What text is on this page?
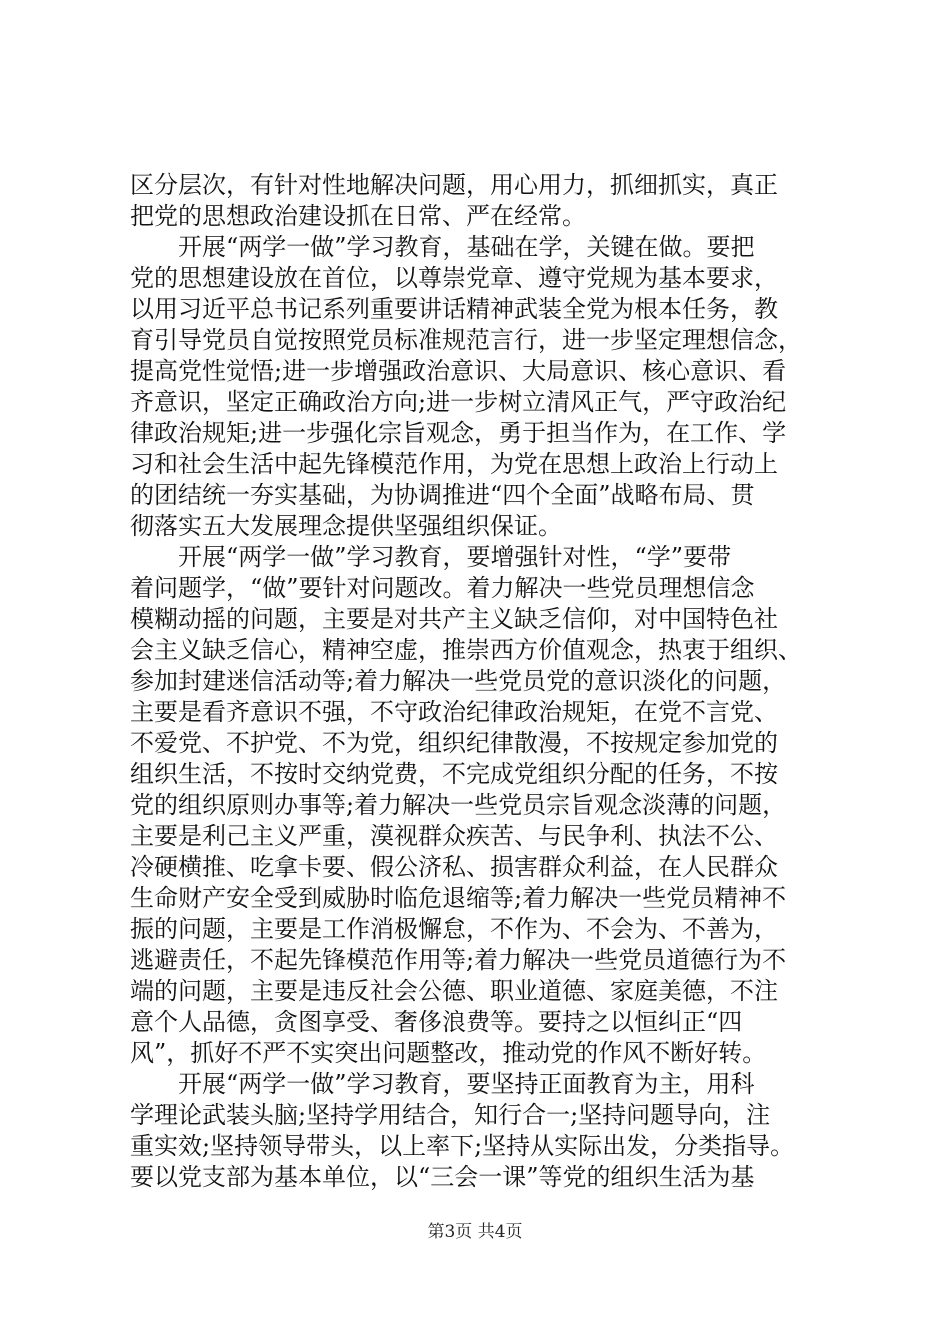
区分层次，有针对性地解决问题，用心用力，抓细抓实，真正
把党的思想政治建设抓在日常、严在经常。
　　开展“两学一做”学习教育，基础在学，关键在做。要把
党的思想建设放在首位，以尊崇党章、遵守党规为基本要求，
以用习近平总书记系列重要讲话精神武装全党为根本任务，教
育引导党员自觉按照党员标准规范言行，进一步坚定理想信念，
提高党性觉悟;进一步增强政治意识、大局意识、核心意识、看
齐意识，坚定正确政治方向;进一步树立清风正气，严守政治纪
律政治规矩;进一步强化宗旨观念，勇于担当作为，在工作、学
习和社会生活中起先锋模范作用，为党在思想上政治上行动上
的团结统一夯实基础，为协调推进“四个全面”战略布局、贯
彻落实五大发展理念提供坚强组织保证。
　　开展“两学一做”学习教育，要增强针对性，“学”要带
着问题学，“做”要针对问题改。着力解决一些党员理想信念
模糊动摇的问题，主要是对共产主义缺乏信仰，对中国特色社
会主义缺乏信心，精神空虚，推崇西方价值观念，热衷于组织、
参加封建迷信活动等;着力解决一些党员党的意识淡化的问题，
主要是看齐意识不强，不守政治纪律政治规矩，在党不言党、
不爱党、不护党、不为党，组织纪律散漫，不按规定参加党的
组织生活，不按时交纳党费，不完成党组织分配的任务，不按
党的组织原则办事等;着力解决一些党员宗旨观念淡薄的问题，
主要是利己主义严重，漠视群众疾苦、与民争利、执法不公、
冷硬横推、吃拿卡要、假公济私、损害群众利益，在人民群众
生命财产安全受到威胁时临危退缩等;着力解决一些党员精神不
振的问题，主要是工作消极懈怠，不作为、不会为、不善为，
逃避责任，不起先锋模范作用等;着力解决一些党员道德行为不
端的问题，主要是违反社会公德、职业道德、家庭美德，不注
意个人品德，贪图享受、奢侈浪费等。要持之以恒纠正“四
风”，抓好不严不实突出问题整改，推动党的作风不断好转。
　　开展“两学一做”学习教育，要坚持正面教育为主，用科
学理论武装头脑;坚持学用结合，知行合一;坚持问题导向，注
重实效;坚持领导带头，以上率下;坚持从实际出发，分类指导。
要以党支部为基本单位，以“三会一课”等党的组织生活为基
第3页 共4页
